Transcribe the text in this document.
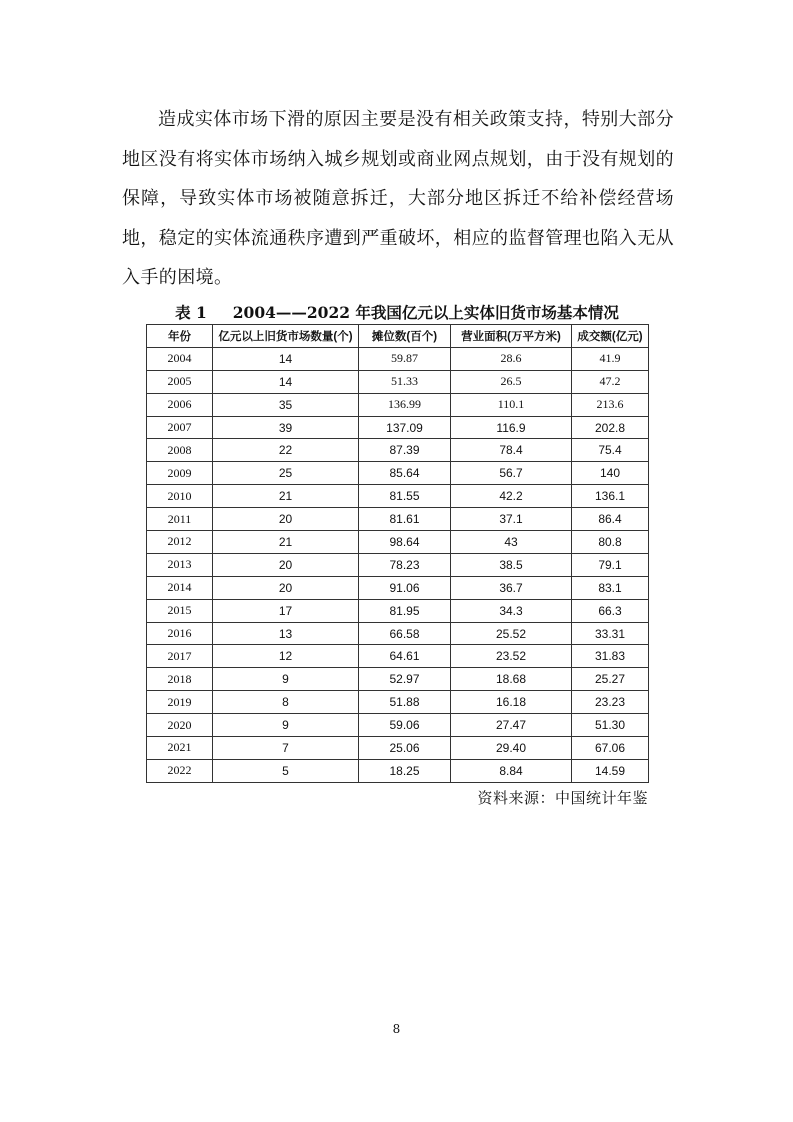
造成实体市场下滑的原因主要是没有相关政策支持，特别大部分地区没有将实体市场纳入城乡规划或商业网点规划，由于没有规划的保障，导致实体市场被随意拆迁，大部分地区拆迁不给补偿经营场地，稳定的实体流通秩序遭到严重破坏，相应的监督管理也陷入无从入手的困境。

表 1 2004——2022 年我国亿元以上实体旧货市场基本情况
年份	亿元以上旧货市场数量(个)	摊位数(百个)	营业面积(万平方米)	成交额(亿元)
2004	14	59.87	28.6	41.9
2005	14	51.33	26.5	47.2
2006	35	136.99	110.1	213.6
2007	39	137.09	116.9	202.8
2008	22	87.39	78.4	75.4
2009	25	85.64	56.7	140
2010	21	81.55	42.2	136.1
2011	20	81.61	37.1	86.4
2012	21	98.64	43	80.8
2013	20	78.23	38.5	79.1
2014	20	91.06	36.7	83.1
2015	17	81.95	34.3	66.3
2016	13	66.58	25.52	33.31
2017	12	64.61	23.52	31.83
2018	9	52.97	18.68	25.27
2019	8	51.88	16.18	23.23
2020	9	59.06	27.47	51.30
2021	7	25.06	29.40	67.06
2022	5	18.25	8.84	14.59
资料来源：中国统计年鉴
8
